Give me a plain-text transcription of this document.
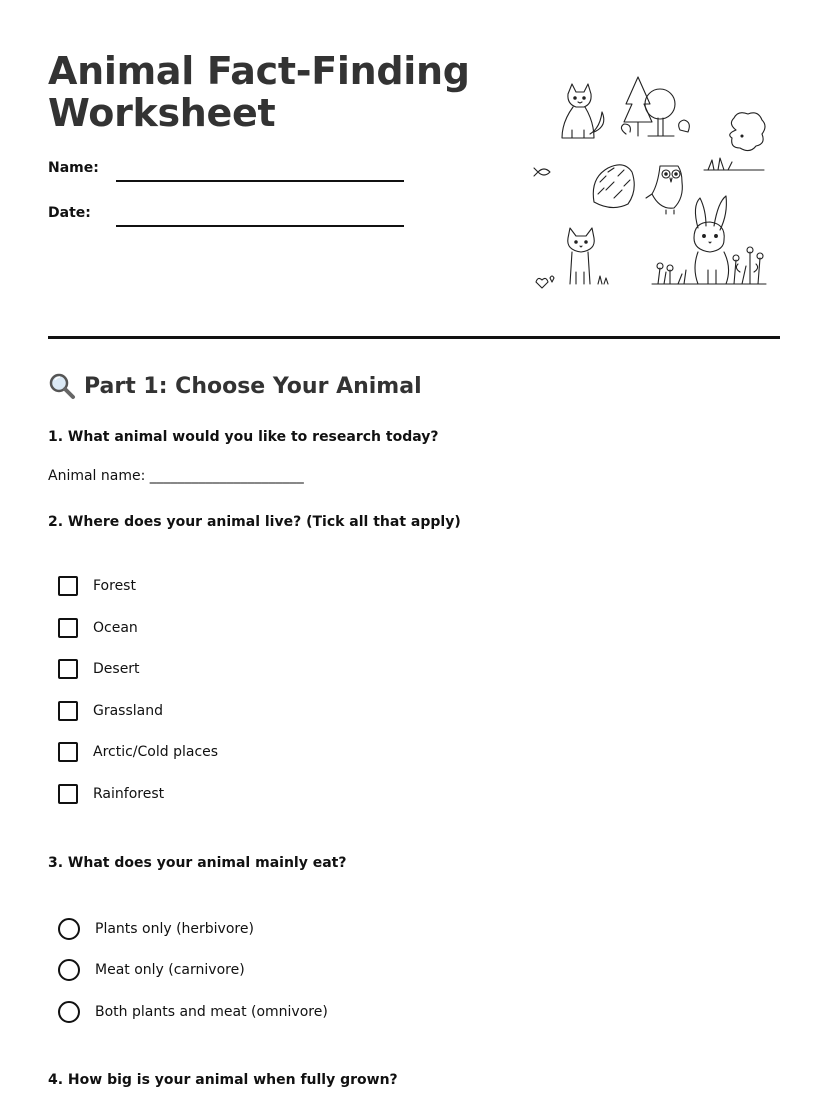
Animal Fact-Finding
Worksheet
Name:
Date:
Part 1: Choose Your Animal

1. What animal would you like to research today?

Animal name: ______________________

2. Where does your animal live? (Tick all that apply)

Forest
Ocean
Desert
Grassland
Arctic/Cold places
Rainforest

3. What does your animal mainly eat?

Plants only (herbivore)
Meat only (carnivore)
Both plants and meat (omnivore)

4. How big is your animal when fully grown?
